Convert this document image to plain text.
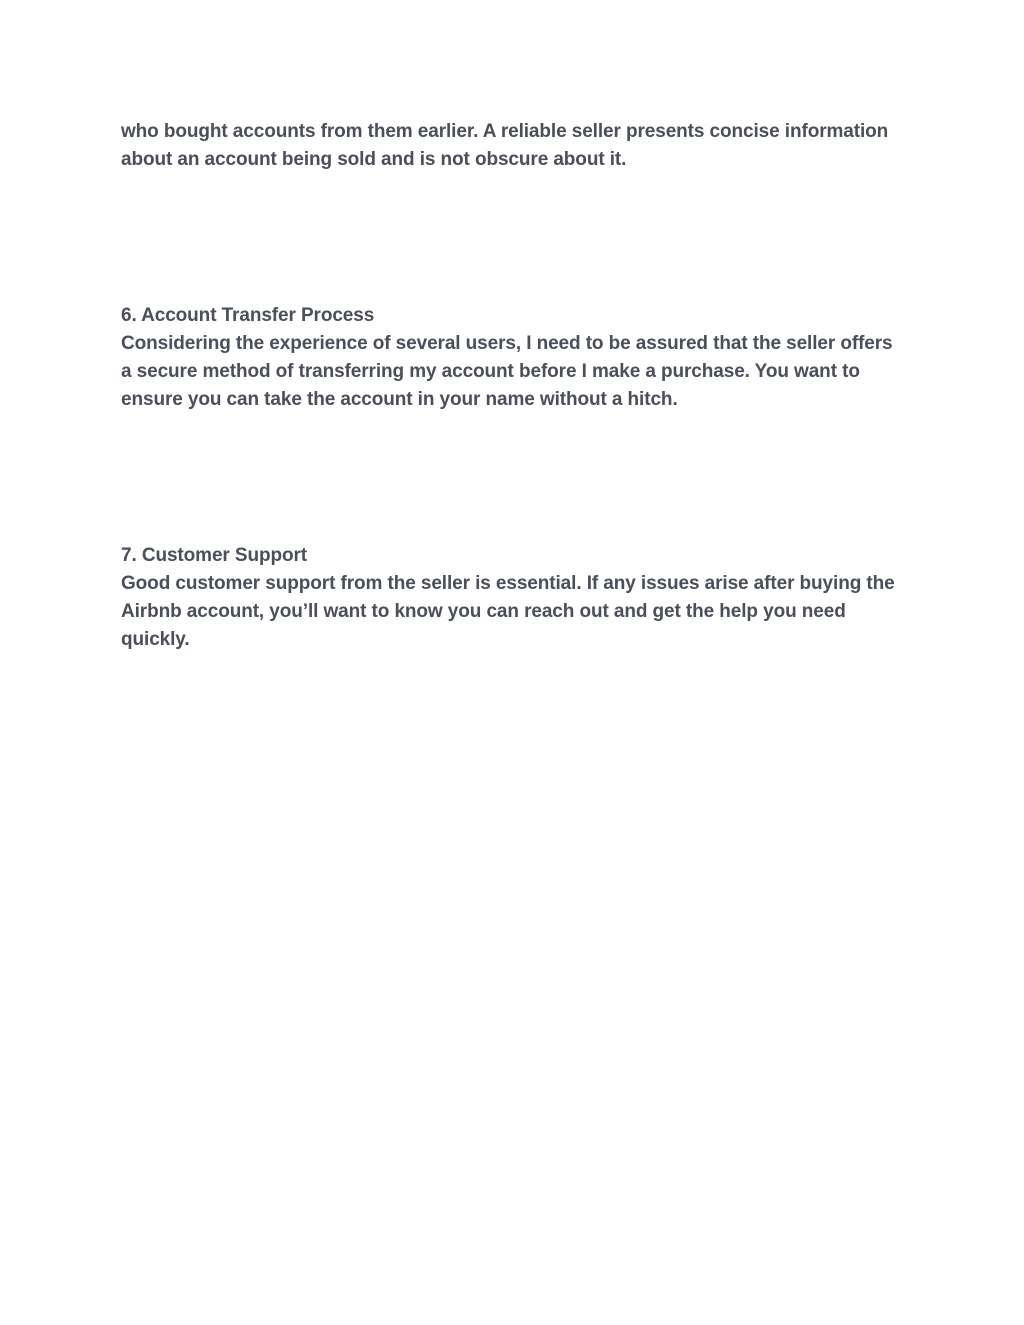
who bought accounts from them earlier. A reliable seller presents concise information
about an account being sold and is not obscure about it.
6. Account Transfer Process
Considering the experience of several users, I need to be assured that the seller offers
a secure method of transferring my account before I make a purchase. You want to
ensure you can take the account in your name without a hitch.
7. Customer Support
Good customer support from the seller is essential. If any issues arise after buying the
Airbnb account, you’ll want to know you can reach out and get the help you need
quickly.
